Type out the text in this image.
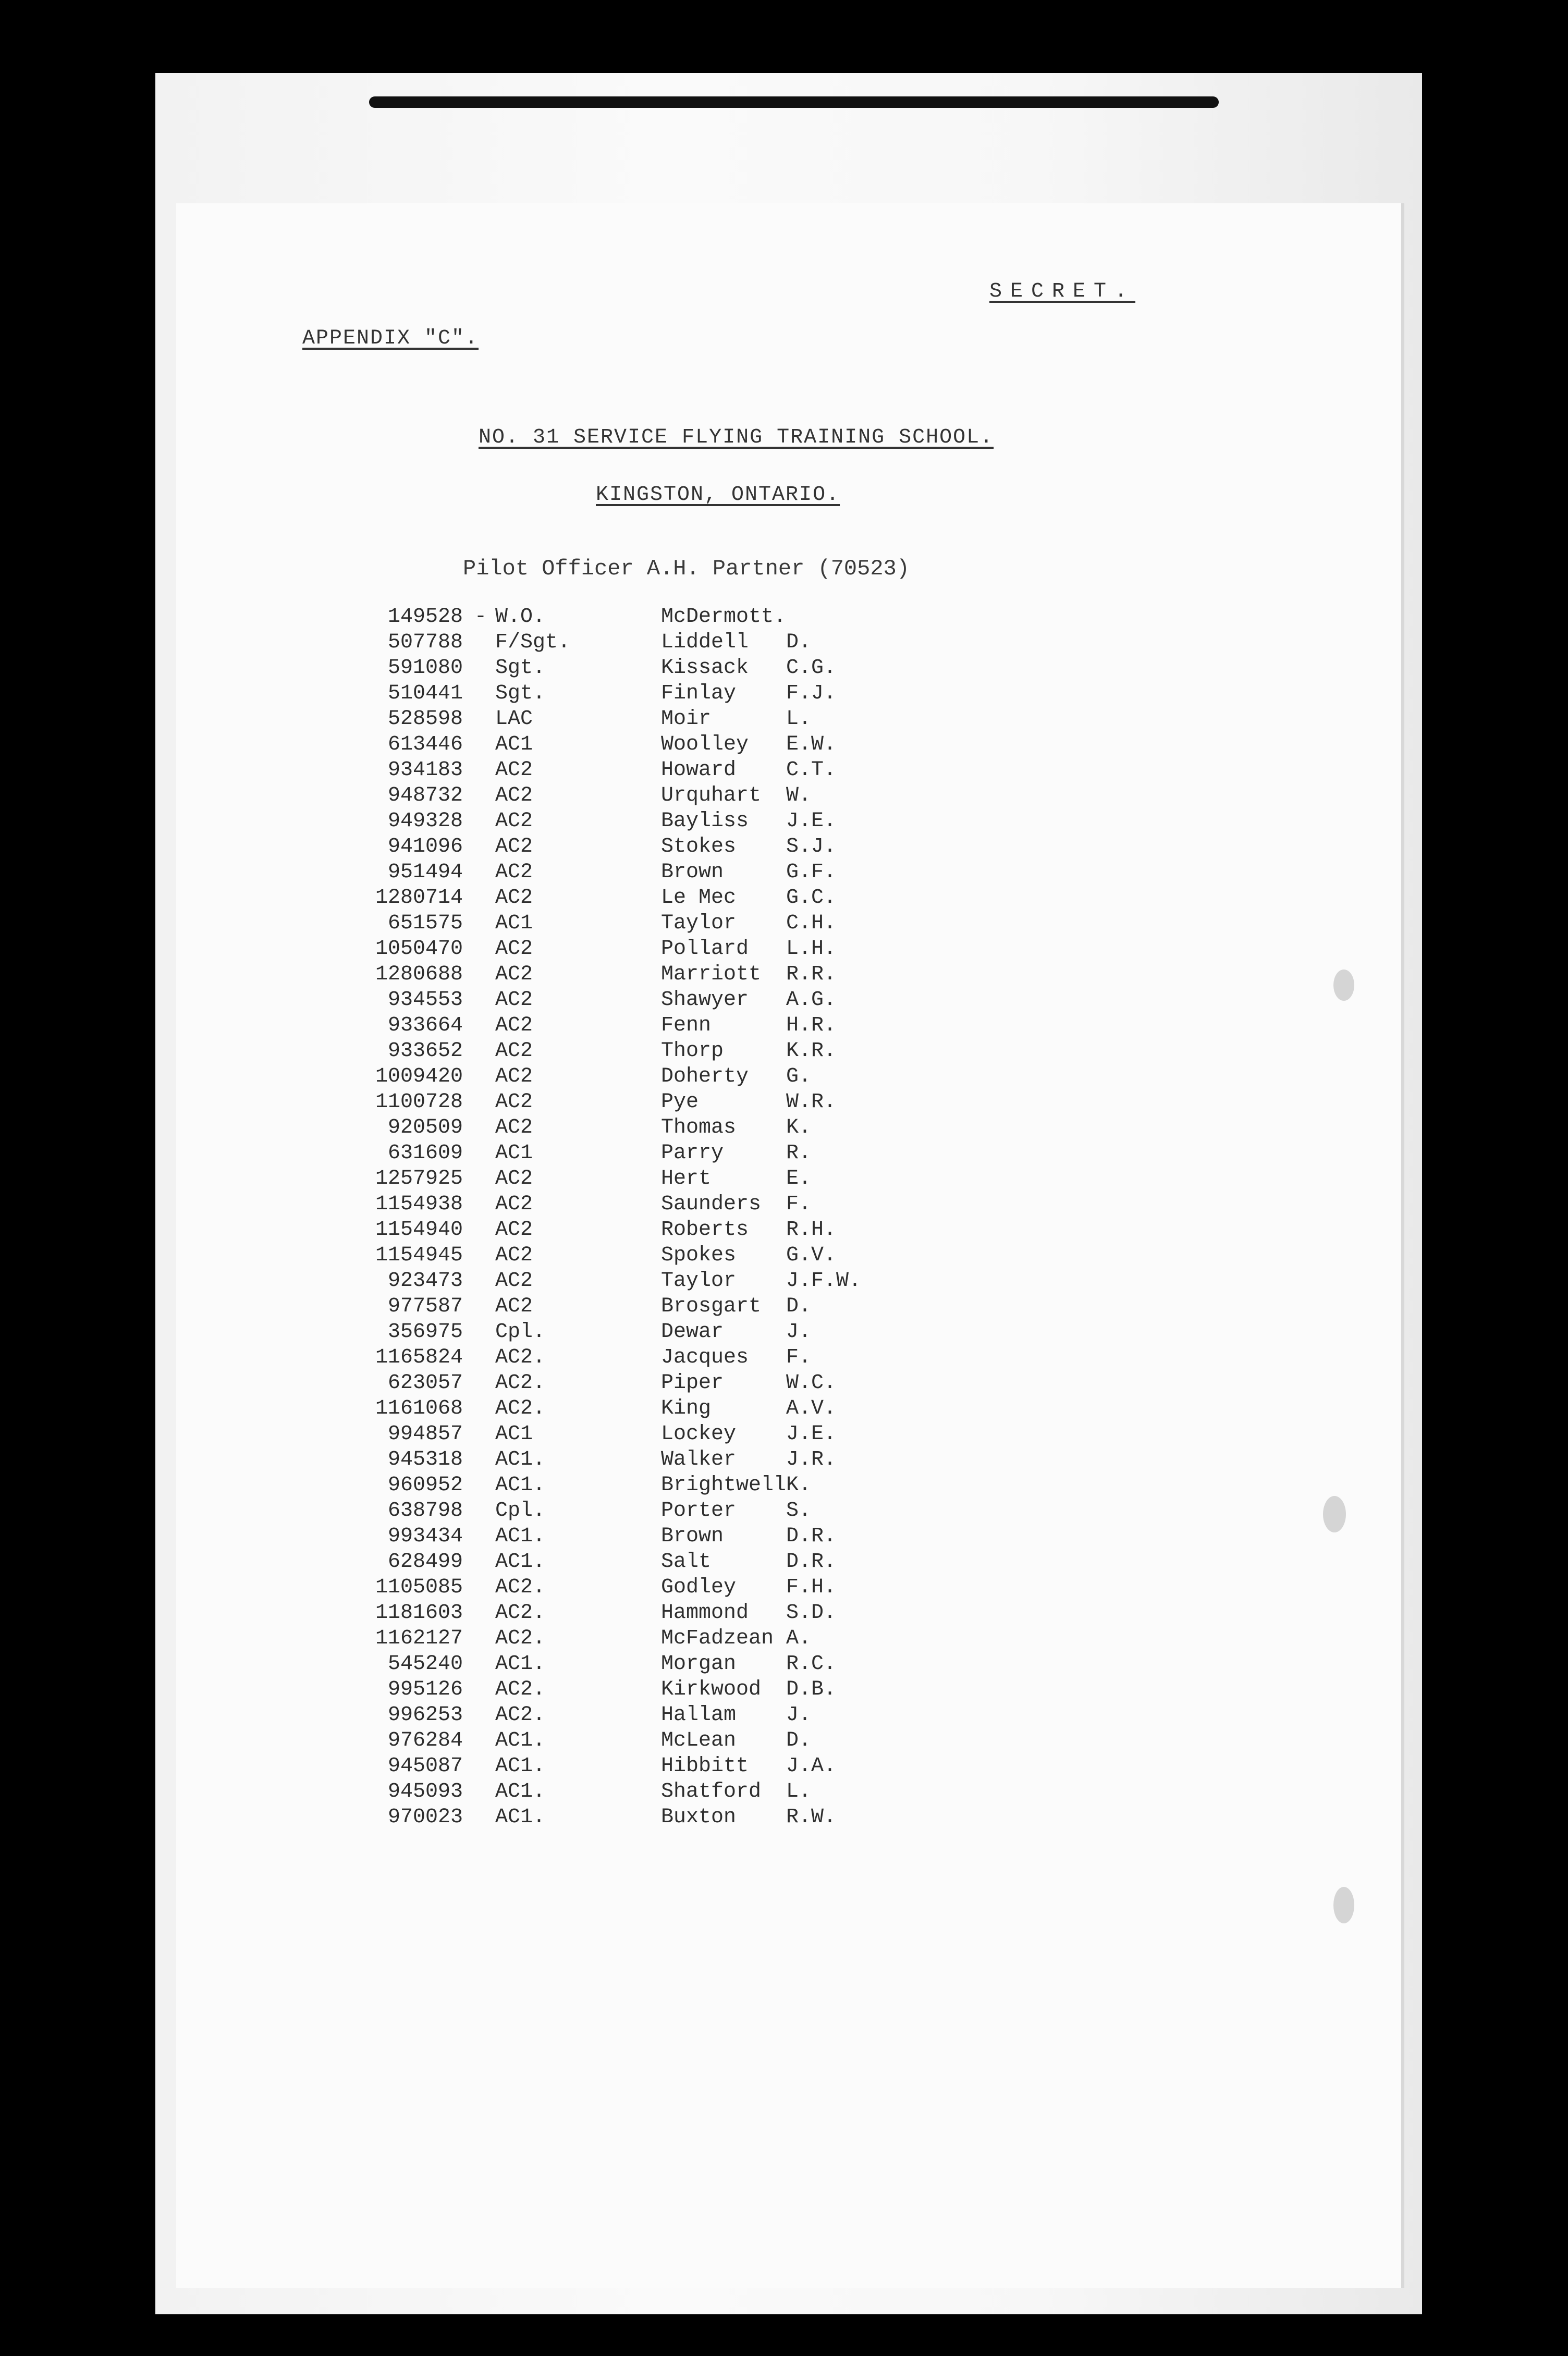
SECRET.
APPENDIX "C".
NO. 31 SERVICE FLYING TRAINING SCHOOL.
KINGSTON, ONTARIO.
Pilot Officer A.H. Partner (70523)
149528 - W.O.	McDermott.
507788 F/Sgt.	Liddell	D.
591080 Sgt.	Kissack	C.G.
510441 Sgt.	Finlay	F.J.
528598 LAC	Moir	L.
613446 AC1	Woolley	E.W.
934183 AC2	Howard	C.T.
948732 AC2	Urquhart	W.
949328 AC2	Bayliss	J.E.
941096 AC2	Stokes	S.J.
951494 AC2	Brown	G.F.
1280714 AC2	Le Mec	G.C.
651575 AC1	Taylor	C.H.
1050470 AC2	Pollard	L.H.
1280688 AC2	Marriott	R.R.
934553 AC2	Shawyer	A.G.
933664 AC2	Fenn	H.R.
933652 AC2	Thorp	K.R.
1009420 AC2	Doherty	G.
1100728 AC2	Pye	W.R.
920509 AC2	Thomas	K.
631609 AC1	Parry	R.
1257925 AC2	Hert	E.
1154938 AC2	Saunders	F.
1154940 AC2	Roberts	R.H.
1154945 AC2	Spokes	G.V.
923473 AC2	Taylor	J.F.W.
977587 AC2	Brosgart	D.
356975 Cpl.	Dewar	J.
1165824 AC2.	Jacques	F.
623057 AC2.	Piper	W.C.
1161068 AC2.	King	A.V.
994857 AC1	Lockey	J.E.
945318 AC1.	Walker	J.R.
960952 AC1.	Brightwell K.
638798 Cpl.	Porter	S.
993434 AC1.	Brown	D.R.
628499 AC1.	Salt	D.R.
1105085 AC2.	Godley	F.H.
1181603 AC2.	Hammond	S.D.
1162127 AC2.	McFadzean A.
545240 AC1.	Morgan	R.C.
995126 AC2.	Kirkwood	D.B.
996253 AC2.	Hallam	J.
976284 AC1.	McLean	D.
945087 AC1.	Hibbitt	J.A.
945093 AC1.	Shatford	L.
970023 AC1.	Buxton	R.W.
